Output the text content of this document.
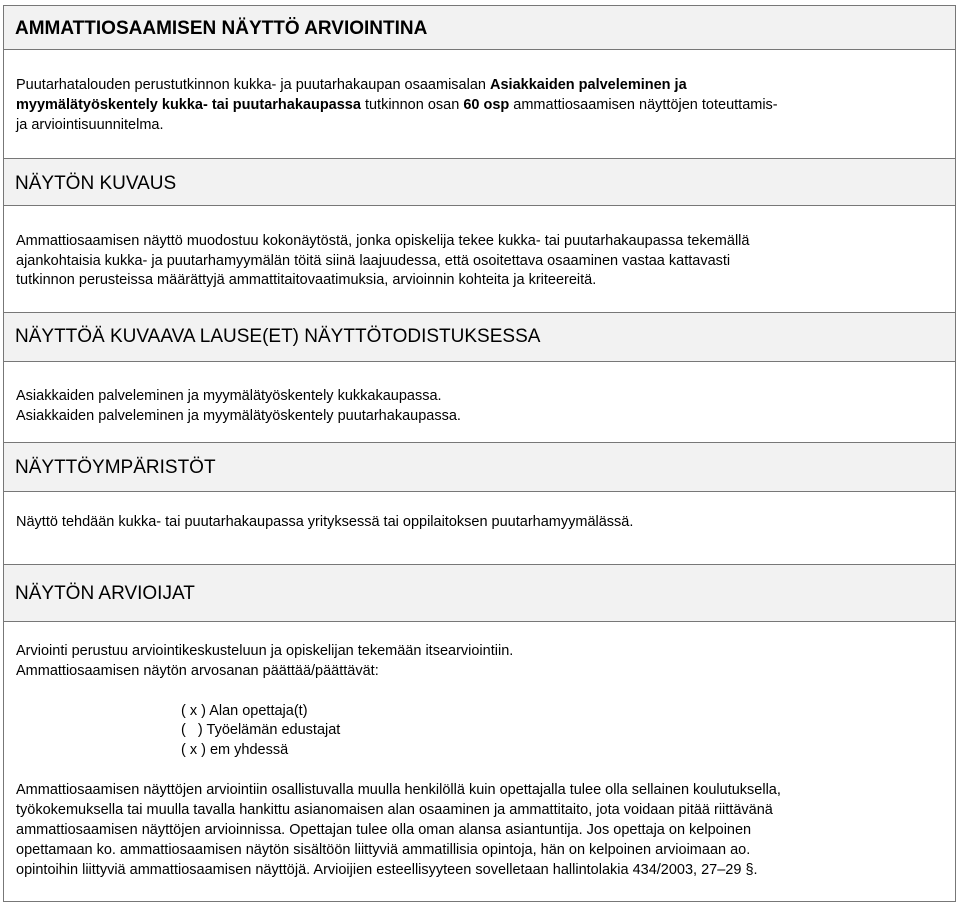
AMMATTIOSAAMISEN NÄYTTÖ ARVIOINTINA
Puutarhatalouden perustutkinnon kukka- ja puutarhakaupan osaamisalan Asiakkaiden palveleminen ja
myymälätyöskentely kukka- tai puutarhakaupassa tutkinnon osan 60 osp ammattiosaamisen näyttöjen toteuttamis-
ja arviointisuunnitelma.
NÄYTÖN KUVAUS
Ammattiosaamisen näyttö muodostuu kokonäytöstä, jonka opiskelija tekee kukka- tai puutarhakaupassa tekemällä
ajankohtaisia kukka- ja puutarhamyymälän töitä siinä laajuudessa, että osoitettava osaaminen vastaa kattavasti
tutkinnon perusteissa määrättyjä ammattitaitovaatimuksia, arvioinnin kohteita ja kriteereitä.
NÄYTTÖÄ KUVAAVA LAUSE(ET) NÄYTTÖTODISTUKSESSA
Asiakkaiden palveleminen ja myymälätyöskentely kukkakaupassa.
Asiakkaiden palveleminen ja myymälätyöskentely puutarhakaupassa.
NÄYTTÖYMPÄRISTÖT
Näyttö tehdään kukka- tai puutarhakaupassa yrityksessä tai oppilaitoksen puutarhamyymälässä.
NÄYTÖN ARVIOIJAT
Arviointi perustuu arviointikeskusteluun ja opiskelijan tekemään itsearviointiin.
Ammattiosaamisen näytön arvosanan päättää/päättävät:
( x ) Alan opettaja(t)
(   ) Työelämän edustajat
( x ) em yhdessä
Ammattiosaamisen näyttöjen arviointiin osallistuvalla muulla henkilöllä kuin opettajalla tulee olla sellainen koulutuksella,
työkokemuksella tai muulla tavalla hankittu asianomaisen alan osaaminen ja ammattitaito, jota voidaan pitää riittävänä
ammattiosaamisen näyttöjen arvioinnissa. Opettajan tulee olla oman alansa asiantuntija. Jos opettaja on kelpoinen
opettamaan ko. ammattiosaamisen näytön sisältöön liittyviä ammatillisia opintoja, hän on kelpoinen arvioimaan ao.
opintoihin liittyviä ammattiosaamisen näyttöjä. Arvioijien esteellisyyteen sovelletaan hallintolakia 434/2003, 27–29 §.
